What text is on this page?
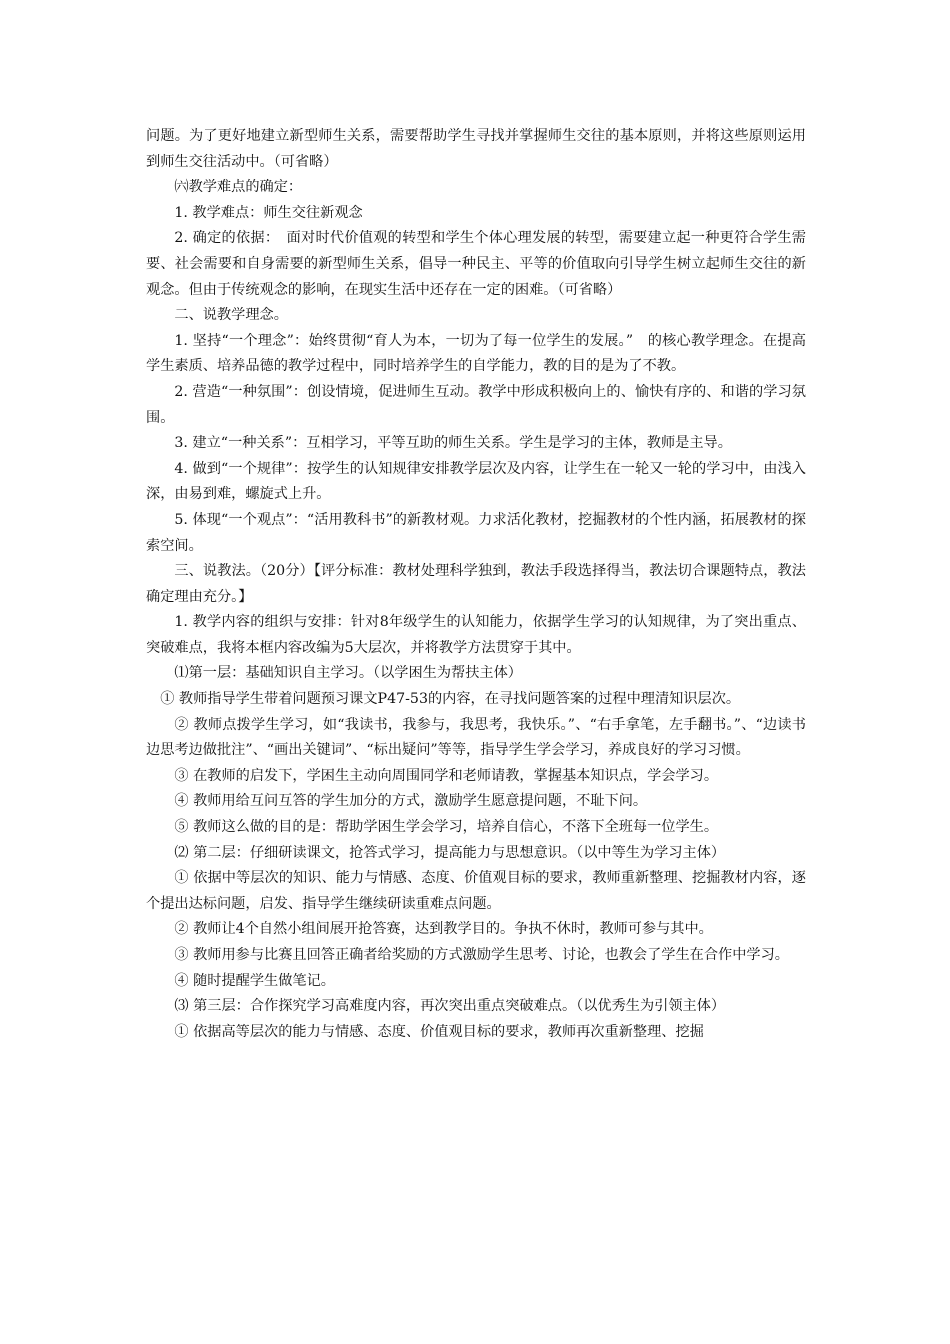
问题。为了更好地建立新型师生关系，需要帮助学生寻找并掌握师生交往的基本原则，并将这些原则运用到师生交往活动中。（可省略）

㈥教学难点的确定：

1. 教学难点：师生交往新观念

2. 确定的依据：　面对时代价值观的转型和学生个体心理发展的转型，需要建立起一种更符合学生需要、社会需要和自身需要的新型师生关系，倡导一种民主、平等的价值取向引导学生树立起师生交往的新观念。但由于传统观念的影响，在现实生活中还存在一定的困难。（可省略）

二、说教学理念。

1. 坚持“一个理念”：始终贯彻“育人为本，一切为了每一位学生的发展。”　的核心教学理念。在提高学生素质、培养品德的教学过程中，同时培养学生的自学能力，教的目的是为了不教。

2. 营造“一种氛围”：创设情境，促进师生互动。教学中形成积极向上的、愉快有序的、和谐的学习氛围。

3. 建立“一种关系”：互相学习，平等互助的师生关系。学生是学习的主体，教师是主导。

4. 做到“一个规律”：按学生的认知规律安排教学层次及内容，让学生在一轮又一轮的学习中，由浅入深，由易到难，螺旋式上升。

5. 体现“一个观点”：“活用教科书”的新教材观。力求活化教材，挖掘教材的个性内涵，拓展教材的探索空间。

三、说教法。（20分）【评分标准：教材处理科学独到，教法手段选择得当，教法切合课题特点，教法确定理由充分。】

1. 教学内容的组织与安排：针对8年级学生的认知能力，依据学生学习的认知规律，为了突出重点、突破难点，我将本框内容改编为5大层次，并将教学方法贯穿于其中。

⑴第一层：基础知识自主学习。（以学困生为帮扶主体）

① 教师指导学生带着问题预习课文P47-53的内容，在寻找问题答案的过程中理清知识层次。

② 教师点拨学生学习，如“我读书，我参与，我思考，我快乐。”、“右手拿笔，左手翻书。”、“边读书边思考边做批注”、“画出关键词”、“标出疑问”等等，指导学生学会学习，养成良好的学习习惯。

③ 在教师的启发下，学困生主动向周围同学和老师请教，掌握基本知识点，学会学习。

④ 教师用给互问互答的学生加分的方式，激励学生愿意提问题，不耻下问。

⑤ 教师这么做的目的是：帮助学困生学会学习，培养自信心，不落下全班每一位学生。

⑵ 第二层：仔细研读课文，抢答式学习，提高能力与思想意识。（以中等生为学习主体）

① 依据中等层次的知识、能力与情感、态度、价值观目标的要求，教师重新整理、挖掘教材内容，逐个提出达标问题，启发、指导学生继续研读重难点问题。

② 教师让4个自然小组间展开抢答赛，达到教学目的。争执不休时，教师可参与其中。

③ 教师用参与比赛且回答正确者给奖励的方式激励学生思考、讨论，也教会了学生在合作中学习。

④ 随时提醒学生做笔记。

⑶ 第三层：合作探究学习高难度内容，再次突出重点突破难点。（以优秀生为引领主体）

① 依据高等层次的能力与情感、态度、价值观目标的要求，教师再次重新整理、挖掘
